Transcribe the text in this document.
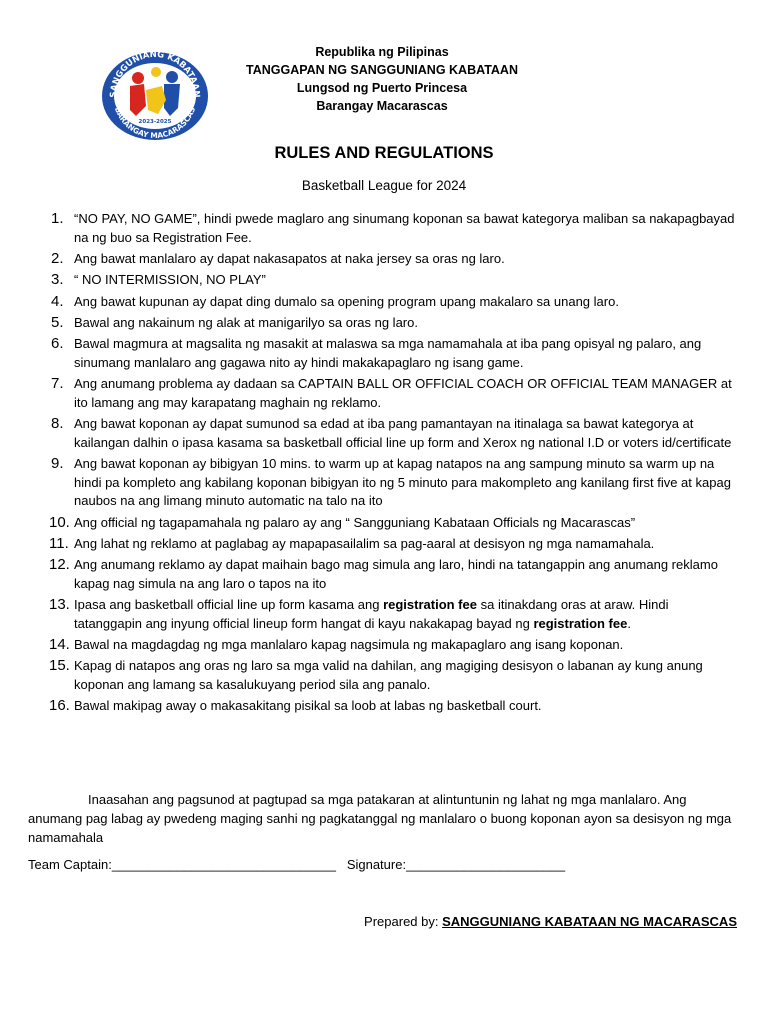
SANGGUNIANG KABATAAN
BARANGAY MACARASCAS
2023-2025
Republika ng Pilipinas
TANGGAPAN NG SANGGUNIANG KABATAAN
Lungsod ng Puerto Princesa
Barangay Macarascas
RULES AND REGULATIONS
Basketball League for 2024
1. “NO PAY, NO GAME”, hindi pwede maglaro ang sinumang koponan sa bawat kategorya maliban sa nakapagbayad na ng buo sa Registration Fee.
2. Ang bawat manlalaro ay dapat nakasapatos at naka jersey sa oras ng laro.
3. “ NO INTERMISSION, NO PLAY”
4. Ang bawat kupunan ay dapat ding dumalo sa opening program upang makalaro sa unang laro.
5. Bawal ang nakainum ng alak at manigarilyo sa oras ng laro.
6. Bawal magmura at magsalita ng masakit at malaswa sa mga namamahala at iba pang opisyal ng palaro, ang sinumang manlalaro ang gagawa nito ay hindi makakapaglaro ng isang game.
7. Ang anumang problema ay dadaan sa CAPTAIN BALL OR OFFICIAL COACH OR OFFICIAL TEAM MANAGER at ito lamang ang may karapatang maghain ng reklamo.
8. Ang bawat koponan ay dapat sumunod sa edad at iba pang pamantayan na itinalaga sa bawat kategorya at kailangan dalhin o ipasa kasama sa basketball official line up form and Xerox ng national I.D or voters id/certificate
9. Ang bawat koponan ay bibigyan 10 mins. to warm up at kapag natapos na ang sampung minuto sa warm up na hindi pa kompleto ang kabilang koponan bibigyan ito ng 5 minuto para makompleto ang kanilang first five at kapag naubos na ang limang minuto automatic na talo na ito
10. Ang official ng tagapamahala ng palaro ay ang “ Sangguniang Kabataan Officials ng Macarascas”
11. Ang lahat ng reklamo at paglabag ay mapapasailalim sa pag-aaral at desisyon ng mga namamahala.
12. Ang anumang reklamo ay dapat maihain bago mag simula ang laro, hindi na tatangappin ang anumang reklamo kapag nag simula na ang laro o tapos na ito
13. Ipasa ang basketball official line up form kasama ang registration fee sa itinakdang oras at araw. Hindi tatanggapin ang inyung official lineup form hangat di kayu nakakapag bayad ng registration fee.
14. Bawal na magdagdag ng mga manlalaro kapag nagsimula ng makapaglaro ang isang koponan.
15. Kapag di natapos ang oras ng laro sa mga valid na dahilan, ang magiging desisyon o labanan ay kung anung koponan ang lamang sa kasalukuyang period sila ang panalo.
16. Bawal makipag away o makasakitang pisikal sa loob at labas ng basketball court.
Inaasahan ang pagsunod at pagtupad sa mga patakaran at alintuntunin ng lahat ng mga manlalaro. Ang anumang pag labag ay pwedeng maging sanhi ng pagkatanggal ng manlalaro o buong koponan ayon sa desisyon ng mga namamahala
Team Captain:_______________________________ Signature:______________________
Prepared by: SANGGUNIANG KABATAAN NG MACARASCAS
